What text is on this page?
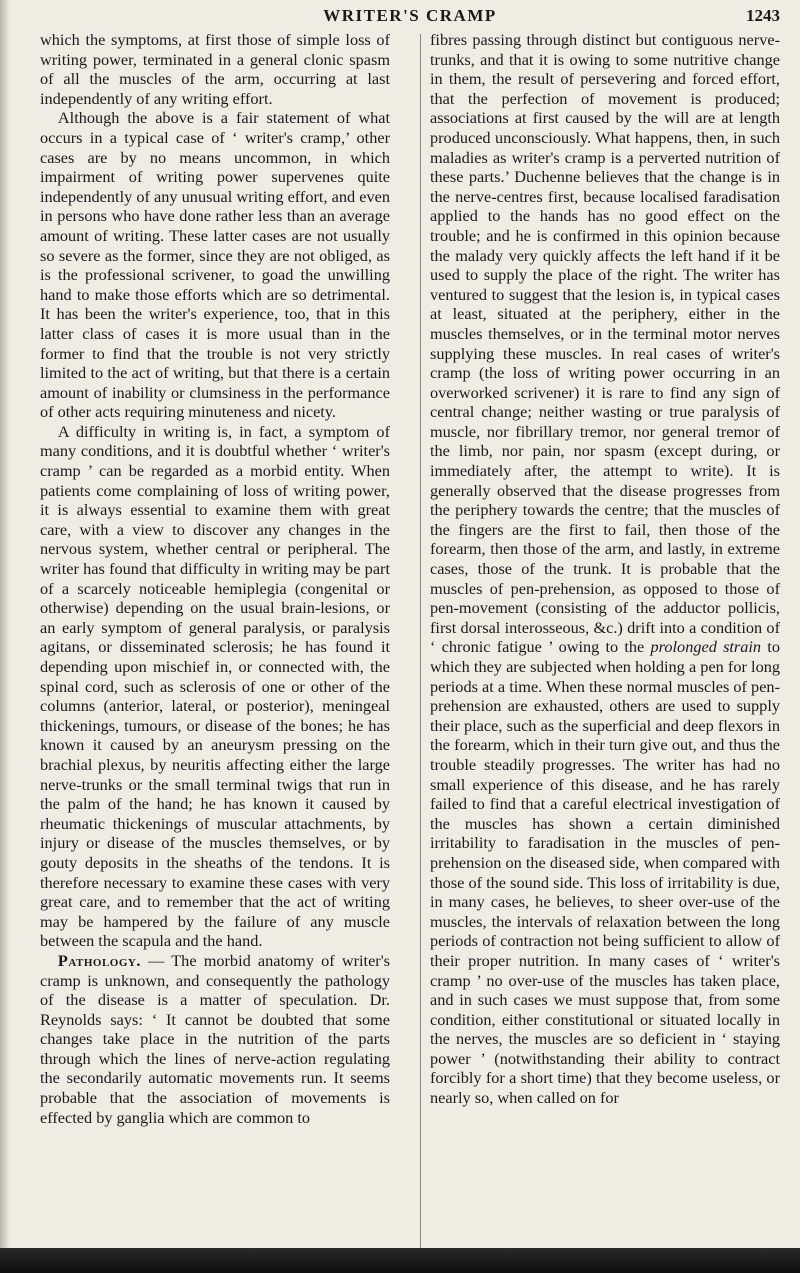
WRITER'S CRAMP	1243

which the symptoms, at first those of simple loss of writing power, terminated in a general clonic spasm of all the muscles of the arm, occurring at last independently of any writing effort.

Although the above is a fair statement of what occurs in a typical case of ‘ writer's cramp,’ other cases are by no means uncommon, in which impairment of writing power supervenes quite independently of any unusual writing effort, and even in persons who have done rather less than an average amount of writing. These latter cases are not usually so severe as the former, since they are not obliged, as is the professional scrivener, to goad the unwilling hand to make those efforts which are so detrimental. It has been the writer's experience, too, that in this latter class of cases it is more usual than in the former to find that the trouble is not very strictly limited to the act of writing, but that there is a certain amount of inability or clumsiness in the performance of other acts requiring minuteness and nicety.

A difficulty in writing is, in fact, a symptom of many conditions, and it is doubtful whether ‘ writer's cramp ’ can be regarded as a morbid entity. When patients come complaining of loss of writing power, it is always essential to examine them with great care, with a view to discover any changes in the nervous system, whether central or peripheral. The writer has found that difficulty in writing may be part of a scarcely noticeable hemiplegia (congenital or otherwise) depending on the usual brain-lesions, or an early symptom of general paralysis, or paralysis agitans, or disseminated sclerosis; he has found it depending upon mischief in, or connected with, the spinal cord, such as sclerosis of one or other of the columns (anterior, lateral, or posterior), meningeal thickenings, tumours, or disease of the bones; he has known it caused by an aneurysm pressing on the brachial plexus, by neuritis affecting either the large nerve-trunks or the small terminal twigs that run in the palm of the hand; he has known it caused by rheumatic thickenings of muscular attachments, by injury or disease of the muscles themselves, or by gouty deposits in the sheaths of the tendons. It is therefore necessary to examine these cases with very great care, and to remember that the act of writing may be hampered by the failure of any muscle between the scapula and the hand.

Pathology. — The morbid anatomy of writer's cramp is unknown, and consequently the pathology of the disease is a matter of speculation. Dr. Reynolds says: ‘ It cannot be doubted that some changes take place in the nutrition of the parts through which the lines of nerve-action regulating the secondarily automatic movements run. It seems probable that the association of movements is effected by ganglia which are common to

fibres passing through distinct but contiguous nerve-trunks, and that it is owing to some nutritive change in them, the result of persevering and forced effort, that the perfection of movement is produced; associations at first caused by the will are at length produced unconsciously. What happens, then, in such maladies as writer's cramp is a perverted nutrition of these parts.’ Duchenne believes that the change is in the nerve-centres first, because localised faradisation applied to the hands has no good effect on the trouble; and he is confirmed in this opinion because the malady very quickly affects the left hand if it be used to supply the place of the right. The writer has ventured to suggest that the lesion is, in typical cases at least, situated at the periphery, either in the muscles themselves, or in the terminal motor nerves supplying these muscles. In real cases of writer's cramp (the loss of writing power occurring in an overworked scrivener) it is rare to find any sign of central change; neither wasting or true paralysis of muscle, nor fibrillary tremor, nor general tremor of the limb, nor pain, nor spasm (except during, or immediately after, the attempt to write). It is generally observed that the disease progresses from the periphery towards the centre; that the muscles of the fingers are the first to fail, then those of the forearm, then those of the arm, and lastly, in extreme cases, those of the trunk. It is probable that the muscles of pen-prehension, as opposed to those of pen-movement (consisting of the adductor pollicis, first dorsal interosseous, &c.) drift into a condition of ‘ chronic fatigue ’ owing to the prolonged strain to which they are subjected when holding a pen for long periods at a time. When these normal muscles of pen-prehension are exhausted, others are used to supply their place, such as the superficial and deep flexors in the forearm, which in their turn give out, and thus the trouble steadily progresses. The writer has had no small experience of this disease, and he has rarely failed to find that a careful electrical investigation of the muscles has shown a certain diminished irritability to faradisation in the muscles of pen-prehension on the diseased side, when compared with those of the sound side. This loss of irritability is due, in many cases, he believes, to sheer over-use of the muscles, the intervals of relaxation between the long periods of contraction not being sufficient to allow of their proper nutrition. In many cases of ‘ writer's cramp ’ no over-use of the muscles has taken place, and in such cases we must suppose that, from some condition, either constitutional or situated locally in the nerves, the muscles are so deficient in ‘ staying power ’ (notwithstanding their ability to contract forcibly for a short time) that they become useless, or nearly so, when called on for
